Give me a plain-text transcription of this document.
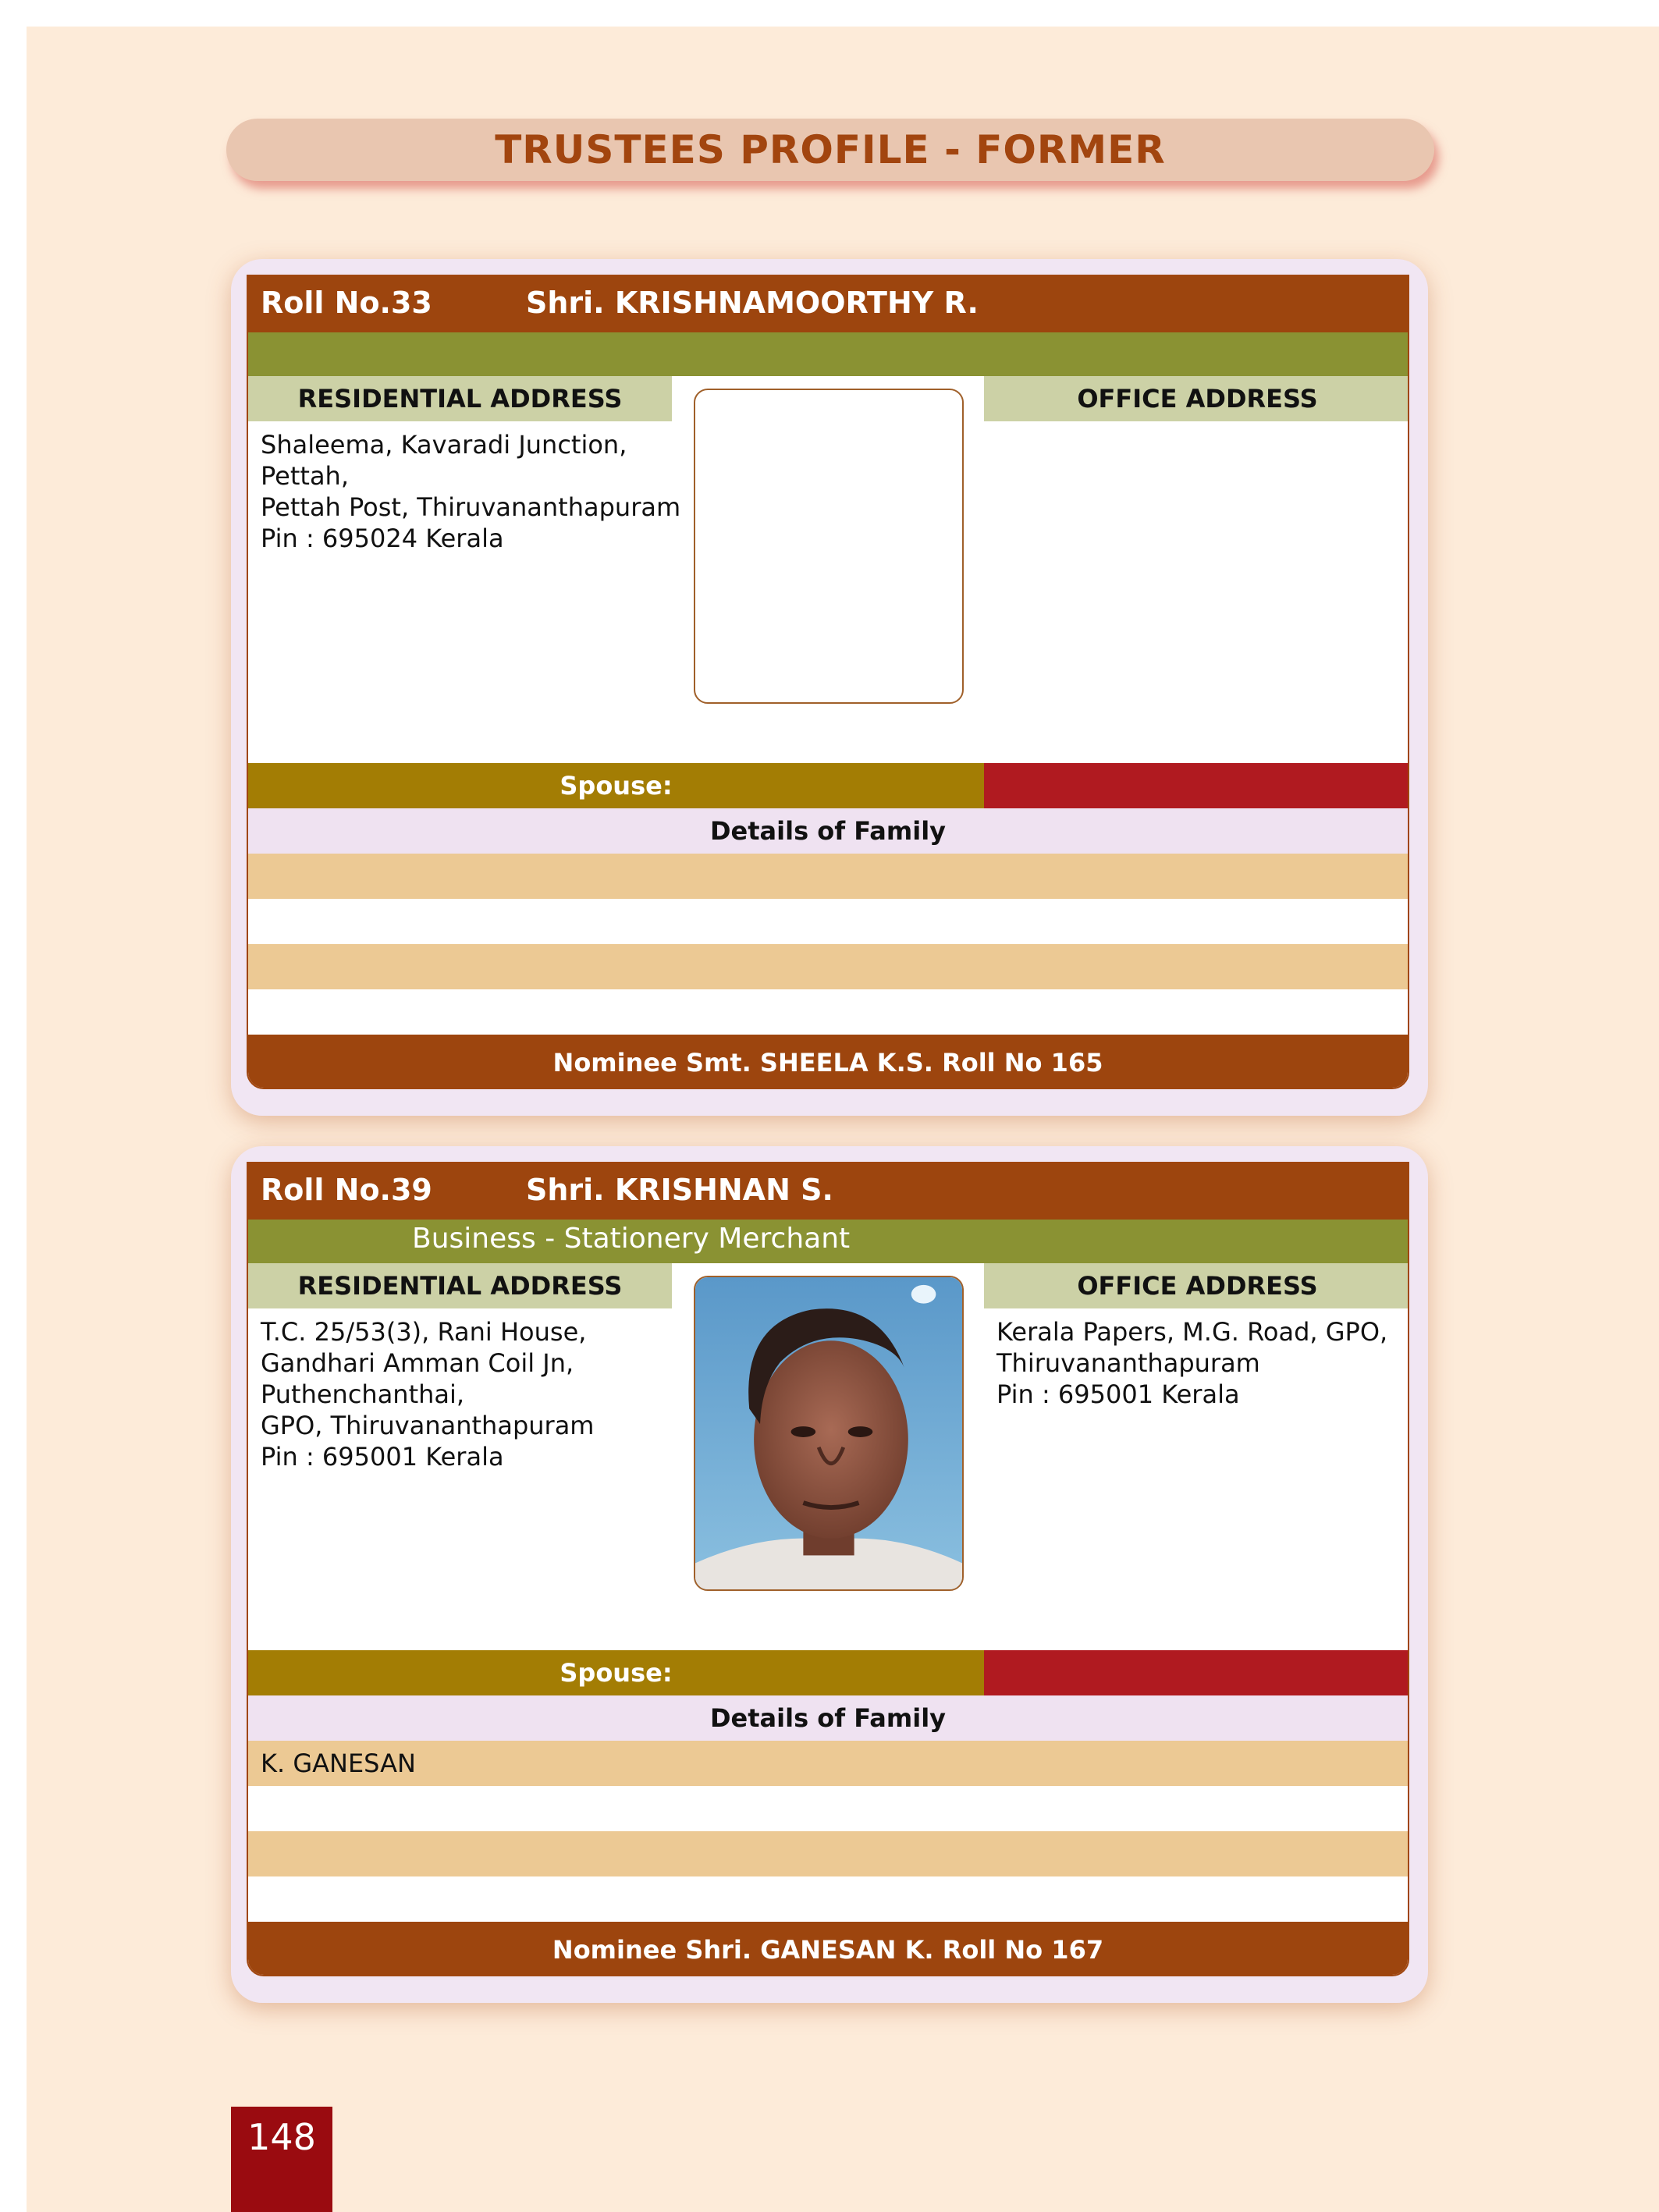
TRUSTEES PROFILE - FORMER
Roll No.33	Shri. KRISHNAMOORTHY R.
RESIDENTIAL ADDRESS	OFFICE ADDRESS
Shaleema, Kavaradi Junction,
Pettah,
Pettah Post, Thiruvananthapuram
Pin : 695024 Kerala
Spouse:
Details of Family
Nominee Smt. SHEELA K.S. Roll No 165
Roll No.39	Shri. KRISHNAN S.
Business - Stationery Merchant
RESIDENTIAL ADDRESS	OFFICE ADDRESS
T.C. 25/53(3), Rani House,
Gandhari Amman Coil Jn,
Puthenchanthai,
GPO, Thiruvananthapuram
Pin : 695001 Kerala
Kerala Papers, M.G. Road, GPO,
Thiruvananthapuram
Pin : 695001 Kerala
Spouse:
Details of Family
K. GANESAN
Nominee Shri. GANESAN K. Roll No 167
148
